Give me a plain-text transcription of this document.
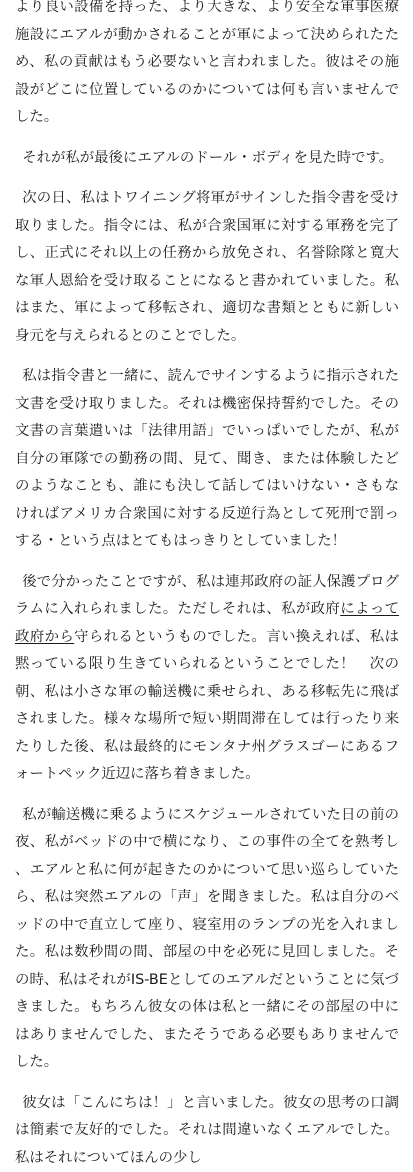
より良い設備を持った、より大きな、より安全な軍事医療施設にエアルが動かされることが軍によって決められたため、私の貢献はもう必要ないと言われました。彼はその施設がどこに位置しているのかについては何も言いませんでした。

それが私が最後にエアルのドール・ボディを見た時です。

次の日、私はトワイニング将軍がサインした指令書を受け取りました。指令には、私が合衆国軍に対する軍務を完了し、正式にそれ以上の任務から放免され、名誉除隊と寛大な軍人恩給を受け取ることになると書かれていました。私はまた、軍によって移転され、適切な書類とともに新しい身元を与えられるとのことでした。

私は指令書と一緒に、読んでサインするように指示された文書を受け取りました。それは機密保持誓約でした。その文書の言葉遣いは「法律用語」でいっぱいでしたが、私が自分の軍隊での勤務の間、見て、聞き、または体験したどのようなことも、誰にも決して話してはいけない・さもなければアメリカ合衆国に対する反逆行為として死刑で罰っする・という点はとてもはっきりとしていました！

後で分かったことですが、私は連邦政府の証人保護プログラムに入れられました。ただしそれは、私が政府によって政府から守られるというものでした。言い換えれば、私は黙っている限り生きていられるということでした！　次の朝、私は小さな軍の輸送機に乗せられ、ある移転先に飛ばされました。様々な場所で短い期間滞在しては行ったり来たりした後、私は最終的にモンタナ州グラスゴーにあるフォートペック近辺に落ち着きました。

私が輸送機に乗るようにスケジュールされていた日の前の夜、私がベッドの中で横になり、この事件の全てを熟考し、エアルと私に何が起きたのかについて思い巡らしていたら、私は突然エアルの「声」を聞きました。私は自分のベッドの中で直立して座り、寝室用のランプの光を入れました。私は数秒間の間、部屋の中を必死に見回しました。その時、私はそれがIS-BEとしてのエアルだということに気づきました。もちろん彼女の体は私と一緒にその部屋の中にはありませんでした、またそうである必要もありませんでした。

彼女は「こんにちは！」と言いました。彼女の思考の口調は簡素で友好的でした。それは間違いなくエアルでした。私はそれについてほんの少し
